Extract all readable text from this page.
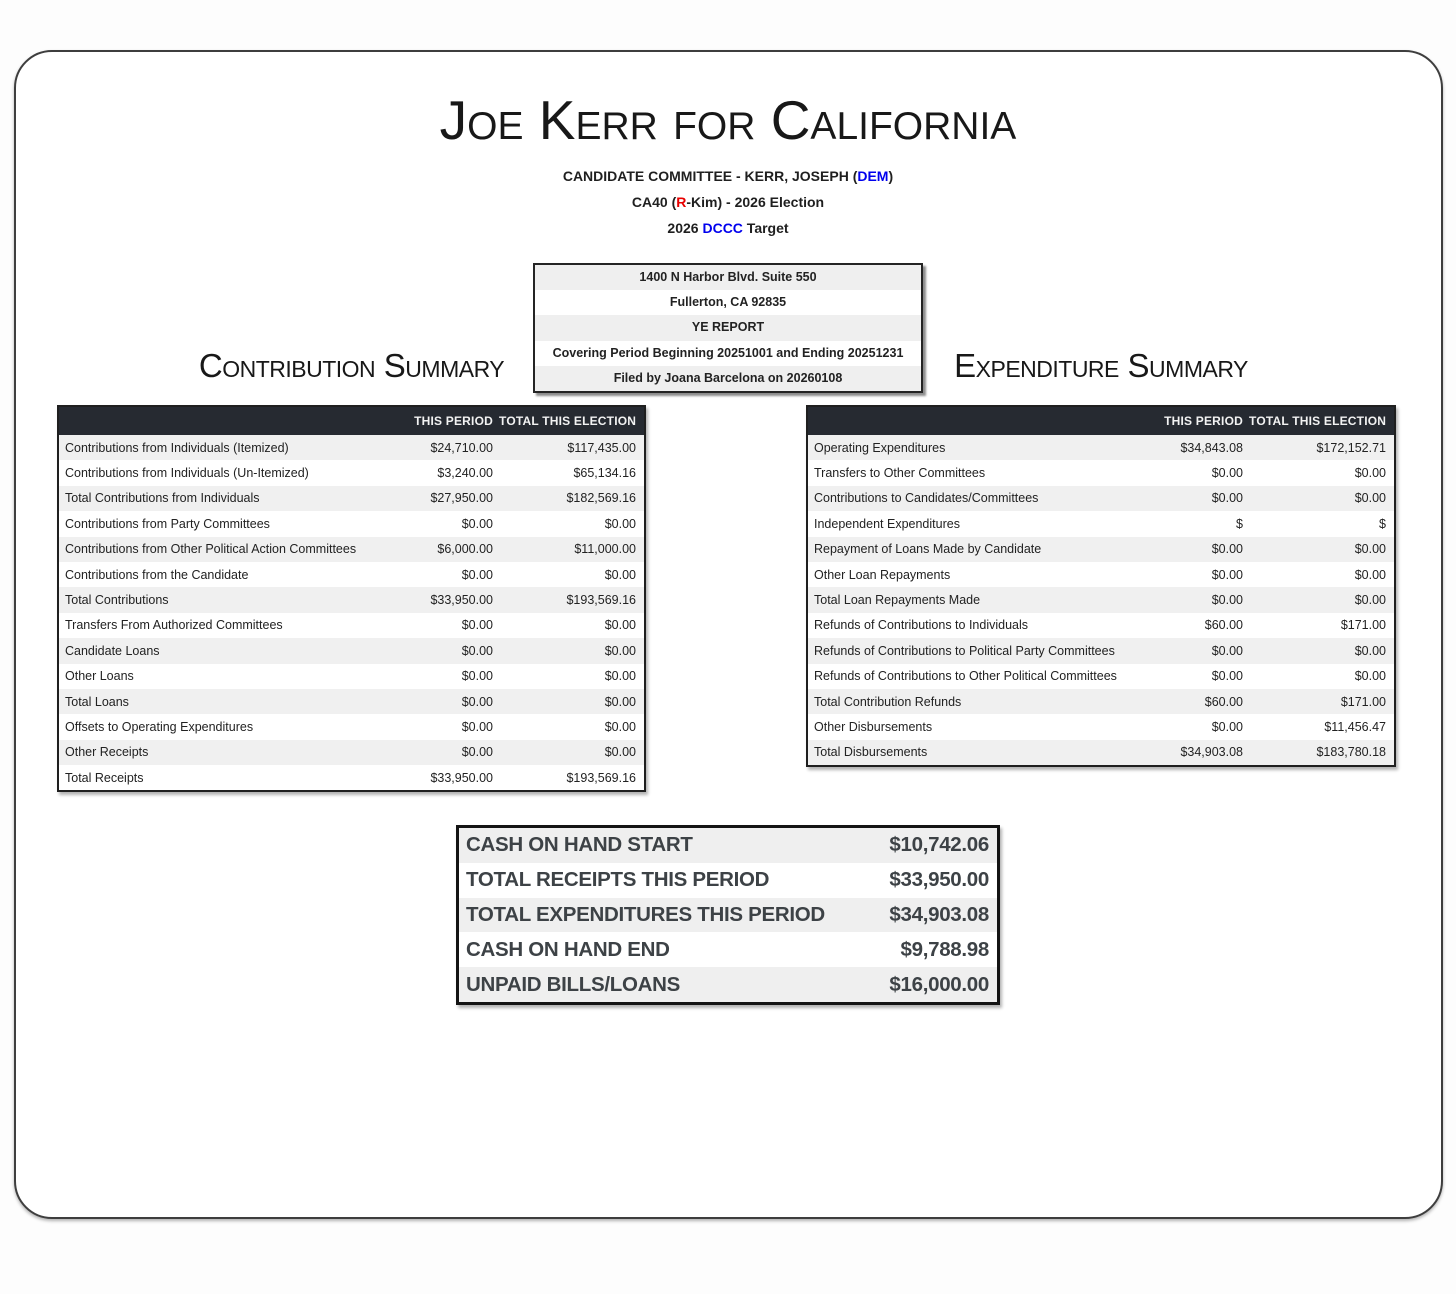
Joe Kerr for California
CANDIDATE COMMITTEE - KERR, JOSEPH (DEM)
CA40 (R-Kim) - 2026 Election
2026 DCCC Target
1400 N Harbor Blvd. Suite 550
Fullerton, CA 92835
YE REPORT
Covering Period Beginning 20251001 and Ending 20251231
Filed by Joana Barcelona on 20260108
Contribution Summary	Expenditure Summary
THIS PERIOD TOTAL THIS ELECTION
Contributions from Individuals (Itemized)	$24,710.00	$117,435.00
Contributions from Individuals (Un-Itemized)	$3,240.00	$65,134.16
Total Contributions from Individuals	$27,950.00	$182,569.16
Contributions from Party Committees	$0.00	$0.00
Contributions from Other Political Action Committees	$6,000.00	$11,000.00
Contributions from the Candidate	$0.00	$0.00
Total Contributions	$33,950.00	$193,569.16
Transfers From Authorized Committees	$0.00	$0.00
Candidate Loans	$0.00	$0.00
Other Loans	$0.00	$0.00
Total Loans	$0.00	$0.00
Offsets to Operating Expenditures	$0.00	$0.00
Other Receipts	$0.00	$0.00
Total Receipts	$33,950.00	$193,569.16
THIS PERIOD TOTAL THIS ELECTION
Operating Expenditures	$34,843.08	$172,152.71
Transfers to Other Committees	$0.00	$0.00
Contributions to Candidates/Committees	$0.00	$0.00
Independent Expenditures	$	$
Repayment of Loans Made by Candidate	$0.00	$0.00
Other Loan Repayments	$0.00	$0.00
Total Loan Repayments Made	$0.00	$0.00
Refunds of Contributions to Individuals	$60.00	$171.00
Refunds of Contributions to Political Party Committees	$0.00	$0.00
Refunds of Contributions to Other Political Committees	$0.00	$0.00
Total Contribution Refunds	$60.00	$171.00
Other Disbursements	$0.00	$11,456.47
Total Disbursements	$34,903.08	$183,780.18
CASH ON HAND START	$10,742.06
TOTAL RECEIPTS THIS PERIOD	$33,950.00
TOTAL EXPENDITURES THIS PERIOD	$34,903.08
CASH ON HAND END	$9,788.98
UNPAID BILLS/LOANS	$16,000.00
